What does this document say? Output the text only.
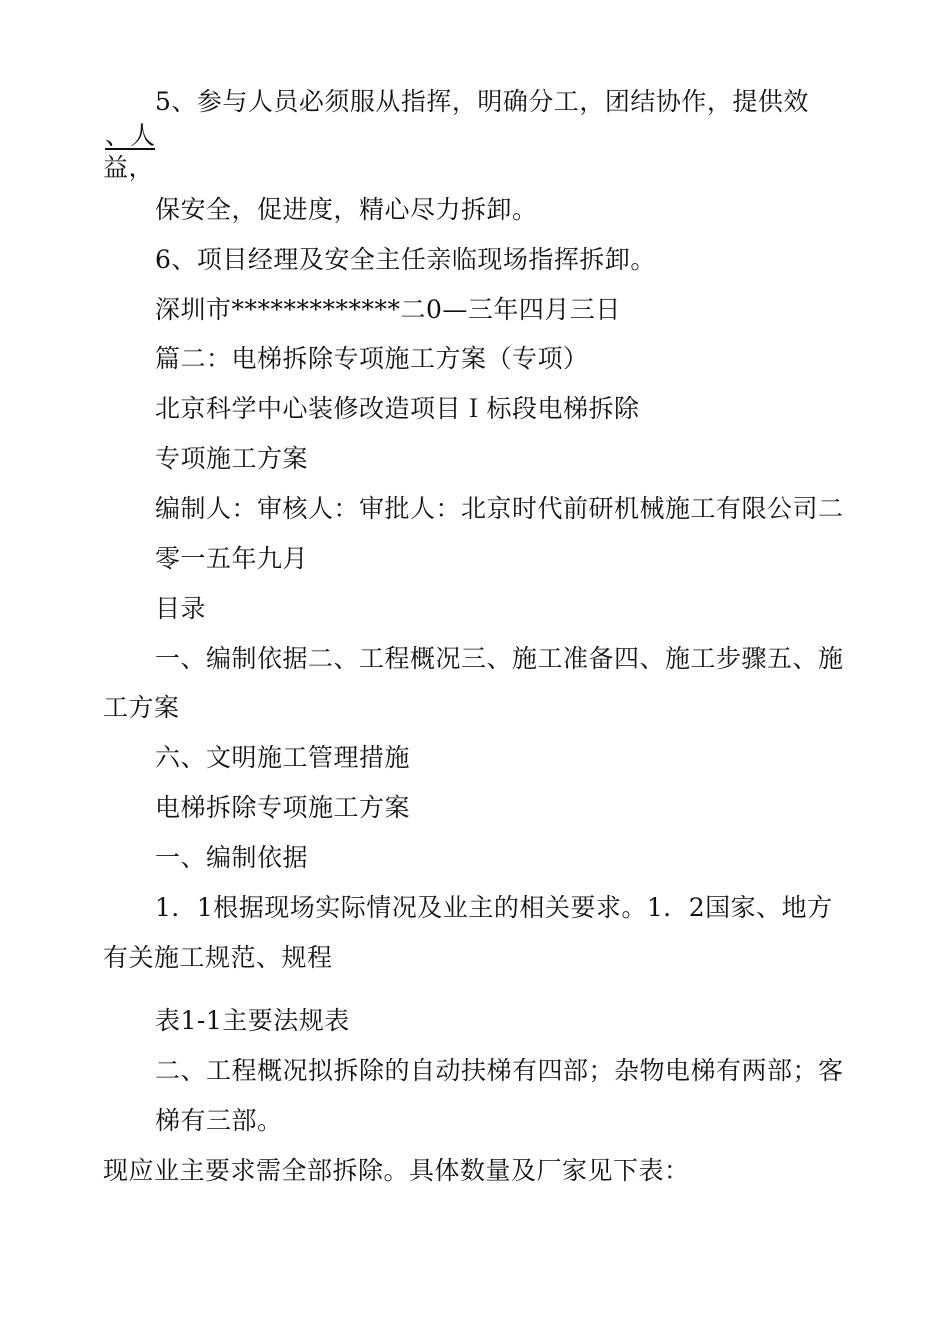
5、参与人员必须服从指挥，明确分工，团结协作，提供效
、人
益，
保安全，促进度，精心尽力拆卸。
6、项目经理及安全主任亲临现场指挥拆卸。
深圳市*************二0—三年四月三日
篇二：电梯拆除专项施工方案（专项）
北京科学中心装修改造项目Ｉ标段电梯拆除
专项施工方案
编制人：审核人：审批人：北京时代前研机械施工有限公司二
零一五年九月
目录
一、编制依据二、工程概况三、施工准备四、施工步骤五、施
工方案
六、文明施工管理措施
电梯拆除专项施工方案
一、编制依据
1．1根据现场实际情况及业主的相关要求。1．2国家、地方
有关施工规范、规程
表1-1主要法规表
二、工程概况拟拆除的自动扶梯有四部；杂物电梯有两部；客
梯有三部。
现应业主要求需全部拆除。具体数量及厂家见下表：
